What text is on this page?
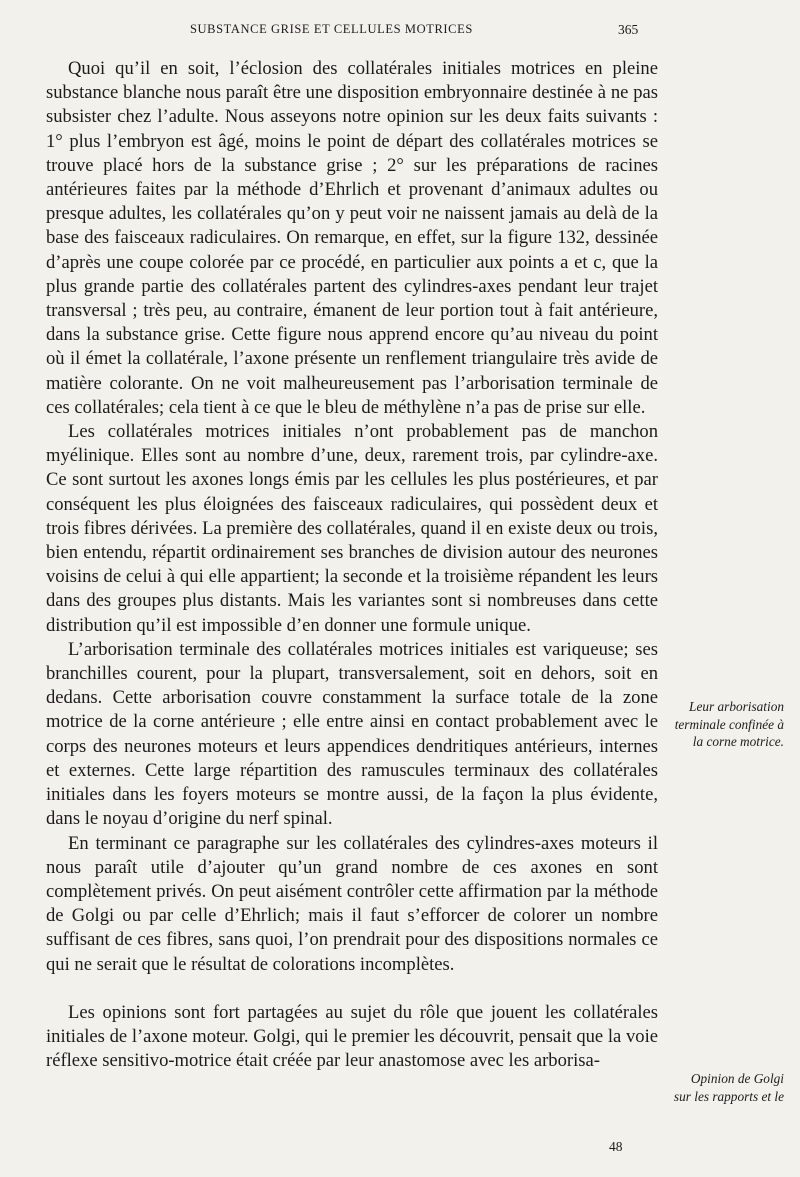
SUBSTANCE GRISE ET CELLULES MOTRICES	365

Quoi qu’il en soit, l’éclosion des collatérales initiales motrices en pleine substance blanche nous paraît être une disposition embryonnaire destinée à ne pas subsister chez l’adulte. Nous asseyons notre opinion sur les deux faits suivants : 1° plus l’embryon est âgé, moins le point de départ des collatérales motrices se trouve placé hors de la substance grise ; 2° sur les préparations de racines antérieures faites par la méthode d’Ehrlich et provenant d’animaux adultes ou presque adultes, les collatérales qu’on y peut voir ne naissent jamais au delà de la base des faisceaux radiculaires. On remarque, en effet, sur la figure 132, dessinée d’après une coupe colorée par ce procédé, en particulier aux points a et c, que la plus grande partie des collatérales partent des cylindres-axes pendant leur trajet transversal ; très peu, au contraire, émanent de leur portion tout à fait antérieure, dans la substance grise. Cette figure nous apprend encore qu’au niveau du point où il émet la collatérale, l’axone présente un renflement triangulaire très avide de matière colorante. On ne voit malheureusement pas l’arborisation terminale de ces collatérales; cela tient à ce que le bleu de méthylène n’a pas de prise sur elle.

Les collatérales motrices initiales n’ont probablement pas de manchon myélinique. Elles sont au nombre d’une, deux, rarement trois, par cylindre-axe. Ce sont surtout les axones longs émis par les cellules les plus postérieures, et par conséquent les plus éloignées des faisceaux radiculaires, qui possèdent deux et trois fibres dérivées. La première des collatérales, quand il en existe deux ou trois, bien entendu, répartit ordinairement ses branches de division autour des neurones voisins de celui à qui elle appartient; la seconde et la troisième répandent les leurs dans des groupes plus distants. Mais les variantes sont si nombreuses dans cette distribution qu’il est impossible d’en donner une formule unique.

L’arborisation terminale des collatérales motrices initiales est variqueuse; ses branchilles courent, pour la plupart, transversalement, soit en dehors, soit en dedans. Cette arborisation couvre constamment la surface totale de la zone motrice de la corne antérieure ; elle entre ainsi en contact probablement avec le corps des neurones moteurs et leurs appendices dendritiques antérieurs, internes et externes. Cette large répartition des ramuscules terminaux des collatérales initiales dans les foyers moteurs se montre aussi, de la façon la plus évidente, dans le noyau d’origine du nerf spinal.

En terminant ce paragraphe sur les collatérales des cylindres-axes moteurs il nous paraît utile d’ajouter qu’un grand nombre de ces axones en sont complètement privés. On peut aisément contrôler cette affirmation par la méthode de Golgi ou par celle d’Ehrlich; mais il faut s’efforcer de colorer un nombre suffisant de ces fibres, sans quoi, l’on prendrait pour des dispositions normales ce qui ne serait que le résultat de colorations incomplètes.

Les opinions sont fort partagées au sujet du rôle que jouent les collatérales initiales de l’axone moteur. Golgi, qui le premier les découvrit, pensait que la voie réflexe sensitivo-motrice était créée par leur anastomose avec les arborisa-

Leur arborisation terminale confinée à la corne motrice.
Opinion de Golgi sur les rapports et le
48
